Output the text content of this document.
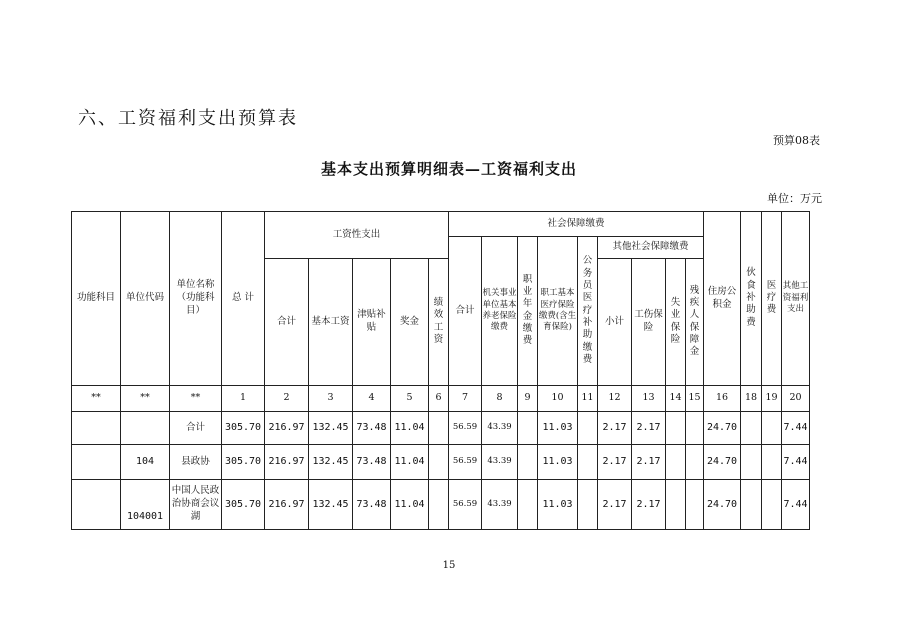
六、工资福利支出预算表
预算08表
基本支出预算明细表—工资福利支出
单位：万元
功能科目	单位代码	单位名称（功能科目）	总 计	工资性支出					社会保障缴费									住房公积金	伙食补助费	医疗费	其他工资福利支出
									合计	机关事业单位基本养老保险缴费	职业年金缴费	职工基本医疗保险缴费(含生育保险)	公务员医疗补助缴费	其他社会保障缴费							
				合计	基本工资	津贴补贴	奖金	绩效工资						小计	工伤保险	失业保险	残疾人保障金				
**	**	**	1	2	3	4	5	6	7	8	9	10	11	12	13	14	15	16	18	19	20
		合计	305.70	216.97	132.45	73.48	11.04		56.59	43.39		11.03		2.17	2.17			24.70			7.44
	104	县政协	305.70	216.97	132.45	73.48	11.04		56.59	43.39		11.03		2.17	2.17			24.70			7.44
	104001	中国人民政治协商会议湖	305.70	216.97	132.45	73.48	11.04		56.59	43.39		11.03		2.17	2.17			24.70			7.44
15
